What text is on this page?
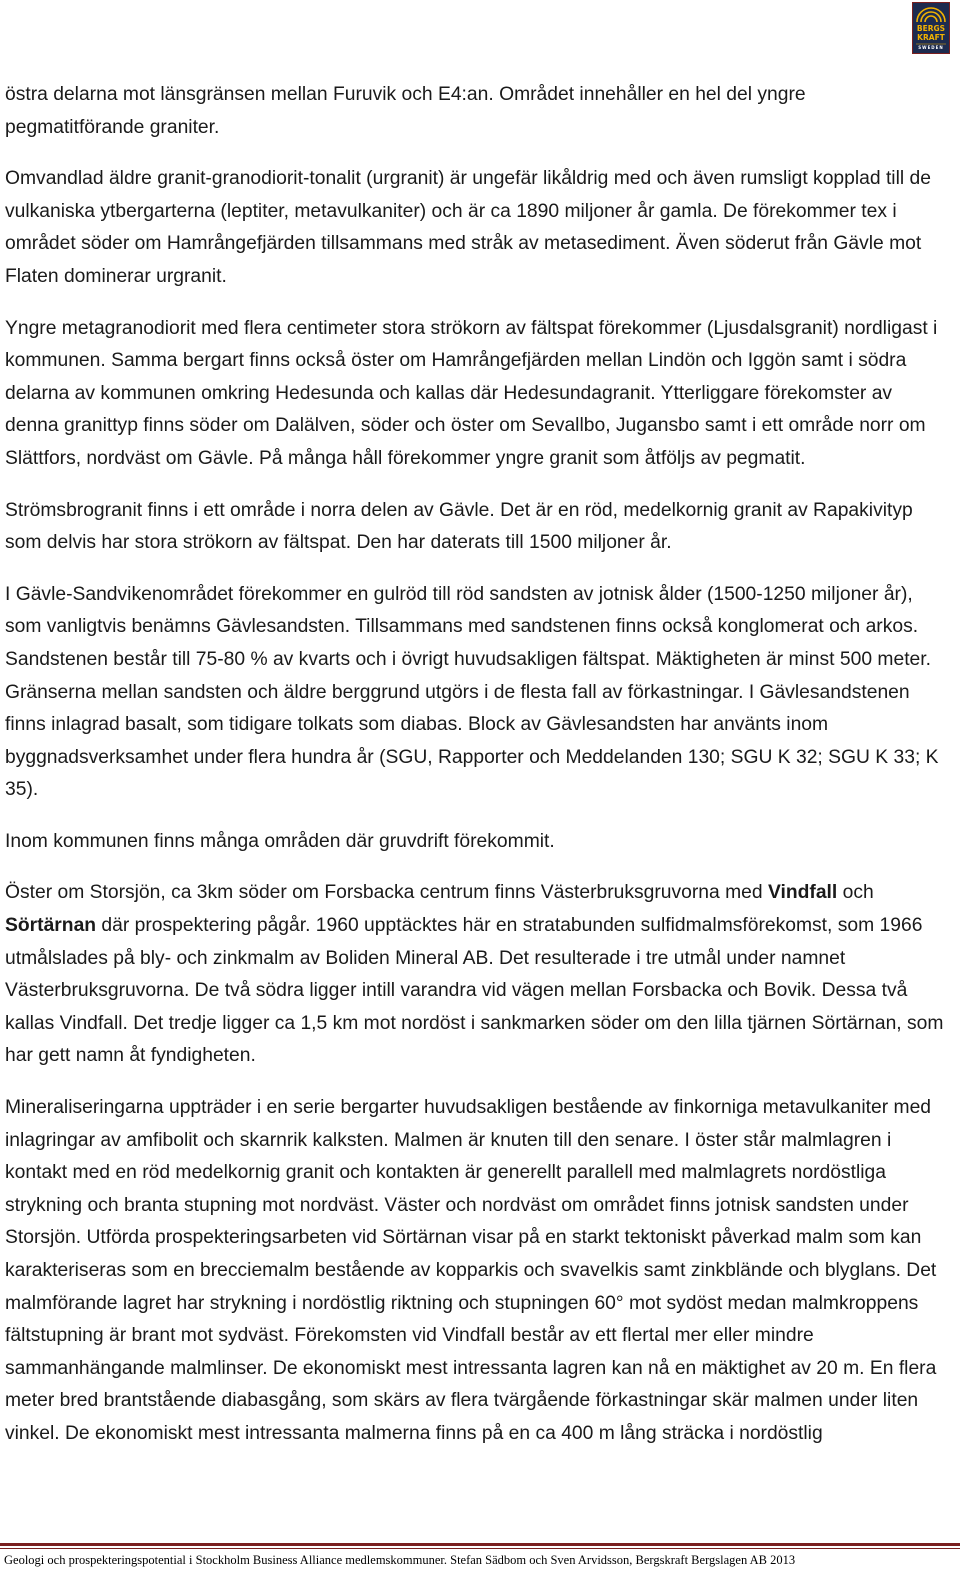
BERGS
KRAFT
SWEDEN

östra delarna mot länsgränsen mellan Furuvik och E4:an. Området innehåller en hel del yngre pegmatitförande graniter.

Omvandlad äldre granit-granodiorit-tonalit (urgranit) är ungefär likåldrig med och även rumsligt kopplad till de vulkaniska ytbergarterna (leptiter, metavulkaniter) och är ca 1890 miljoner år gamla. De förekommer tex i området söder om Hamrångefjärden tillsammans med stråk av metasediment. Även söderut från Gävle mot Flaten dominerar urgranit.

Yngre metagranodiorit med flera centimeter stora strökorn av fältspat förekommer (Ljusdalsgranit) nordligast i kommunen. Samma bergart finns också öster om Hamrångefjärden mellan Lindön och Iggön samt i södra delarna av kommunen omkring Hedesunda och kallas där Hedesundagranit. Ytterliggare förekomster av denna granittyp finns söder om Dalälven, söder och öster om Sevallbo, Jugansbo samt i ett område norr om Slättfors, nordväst om Gävle. På många håll förekommer yngre granit som åtföljs av pegmatit.

Strömsbrogranit finns i ett område i norra delen av Gävle. Det är en röd, medelkornig granit av Rapakivityp som delvis har stora strökorn av fältspat. Den har daterats till 1500 miljoner år.

I Gävle-Sandvikenområdet förekommer en gulröd till röd sandsten av jotnisk ålder (1500-1250 miljoner år), som vanligtvis benämns Gävlesandsten. Tillsammans med sandstenen finns också konglomerat och arkos. Sandstenen består till 75-80 % av kvarts och i övrigt huvudsakligen fältspat. Mäktigheten är minst 500 meter. Gränserna mellan sandsten och äldre berggrund utgörs i de flesta fall av förkastningar. I Gävlesandstenen finns inlagrad basalt, som tidigare tolkats som diabas. Block av Gävlesandsten har använts inom byggnadsverksamhet under flera hundra år (SGU, Rapporter och Meddelanden 130; SGU K 32; SGU K 33; K 35).

Inom kommunen finns många områden där gruvdrift förekommit.

Öster om Storsjön, ca 3km söder om Forsbacka centrum finns Västerbruksgruvorna med Vindfall och Sörtärnan där prospektering pågår. 1960 upptäcktes här en stratabunden sulfidmalmsförekomst, som 1966 utmålslades på bly- och zinkmalm av Boliden Mineral AB. Det resulterade i tre utmål under namnet Västerbruksgruvorna. De två södra ligger intill varandra vid vägen mellan Forsbacka och Bovik. Dessa två kallas Vindfall. Det tredje ligger ca 1,5 km mot nordöst i sankmarken söder om den lilla tjärnen Sörtärnan, som har gett namn åt fyndigheten.

Mineraliseringarna uppträder i en serie bergarter huvudsakligen bestående av finkorniga metavulkaniter med inlagringar av amfibolit och skarnrik kalksten. Malmen är knuten till den senare. I öster står malmlagren i kontakt med en röd medelkornig granit och kontakten är generellt parallell med malmlagrets nordöstliga strykning och branta stupning mot nordväst. Väster och nordväst om området finns jotnisk sandsten under Storsjön. Utförda prospekteringsarbeten vid Sörtärnan visar på en starkt tektoniskt påverkad malm som kan karakteriseras som en brecciemalm bestående av kopparkis och svavelkis samt zinkblände och blyglans. Det malmförande lagret har strykning i nordöstlig riktning och stupningen 60° mot sydöst medan malmkroppens fältstupning är brant mot sydväst. Förekomsten vid Vindfall består av ett flertal mer eller mindre sammanhängande malmlinser. De ekonomiskt mest intressanta lagren kan nå en mäktighet av 20 m. En flera meter bred brantstående diabasgång, som skärs av flera tvärgående förkastningar skär malmen under liten vinkel. De ekonomiskt mest intressanta malmerna finns på en ca 400 m lång sträcka i nordöstlig

Geologi och prospekteringspotential i Stockholm Business Alliance medlemskommuner. Stefan Sädbom och Sven Arvidsson, Bergskraft Bergslagen AB 2013
